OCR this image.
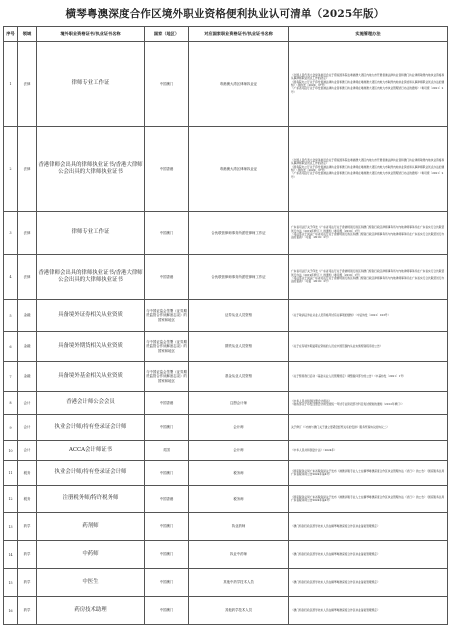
横琴粤澳深度合作区境外职业资格便利执业认可清单（2025年版）
序号	领域	境外职业资格证书/执业证书名称	国家（地区）	对应国家职业资格证书/执业证书名称	实施管理办法
1	法律	律师专业工作证	中国澳门	粤港澳大湾区律师执业证	《全国人民代表大会常务委员会关于授权国务院在粤港澳大湾区内地九市开展香港法律执业者和澳门执业律师取得内地执业资格和从事律师职业试点工作的决定》
《国务院办公厅关于印发香港法律执业者和澳门执业律师在粤港澳大湾区内地九市取得内地执业资质和从事律师职业试点办法的通知》（国办发〔2020〕37号）
《广东省司法厅关于印发香港法律执业者和澳门执业律师在粤港澳大湾区内地九市执业管理试行办法的通知》（粤司规〔2021〕2号）
2	法律	香港律师会出具的律师执业证书/香港大律师公会出具的大律师执业证书	中国香港	粤港澳大湾区律师执业证	《全国人民代表大会常务委员会关于授权国务院在粤港澳大湾区内地九市开展香港法律执业者和澳门执业律师取得内地执业资格和从事律师职业试点工作的决定》
《国务院办公厅关于印发香港法律执业者和澳门执业律师在粤港澳大湾区内地九市取得内地执业资质和从事律师职业试点办法的通知》（国办发〔2020〕37号）
《广东省司法厅关于印发香港法律执业者和澳门执业律师在粤港澳大湾区内地九市执业管理试行办法的通知》（粤司规〔2021〕2号）
3	法律	律师专业工作证	中国澳门	合伙联营律师事务所派驻律师工作证	广东省司法厅关于印发《广东省司法厅关于香港特别行政区和澳门特别行政区律师事务所与内地律师事务所在广东省实行合伙联营试行办法（2019年修订）》的通知（粤司规〔2019〕1号）
《司法部关于同意广东省司法厅关于香港特别行政区和澳门特别行政区律师事务所与内地律师事务所在广东省实行合伙联营试行办法的复函》（司复〔2019〕2号）
4	法律	香港律师会出具的律师执业证书/香港大律师公会出具的大律师执业证书	中国香港	合伙联营律师事务所派驻律师工作证	广东省司法厅关于印发《广东省司法厅关于香港特别行政区和澳门特别行政区律师事务所与内地律师事务所在广东省实行合伙联营试行办法（2019年修订）》的通知（粤司规〔2019〕1号）
《司法部关于同意广东省司法厅关于香港特别行政区和澳门特别行政区律师事务所与内地律师事务所在广东省实行合伙联营试行办法的复函》（司复〔2019〕2号）
5	金融	具备境外证券相关从业资质	与中国证监会签署《证券期货监管合作谅解备忘录》的国家和地区	证券从业人员资格	《关于取消证券业从业人员资格考试有关事项的通知》（中证协发〔2021〕103号）
6	金融	具备境外期货相关从业资质	与中国证监会签署《证券期货监管合作谅解备忘录》的国家和地区	期货从业人员资格	《关于在有境外期货职业资格的人员在中国范围内从业实施特别程序的公告》
7	金融	具备境外基金相关从业资质	与中国证监会签署《证券期货监管合作谅解备忘录》的国家和地区	基金从业人员资格	《关于暂停我行启动《基金从业人员管理规定》调整疑问部分的公告》（中基协发〔2021〕1号）
8	会计	香港会计师公会会员	中国香港	注册会计师	《中华人民共和国注册会计师法》
《财政部关于印发注册会计师全国统一考试专业阶段部分科目免试规则的通知（2012年修订）》
9	会计	执业会计师/持有登录证会计师	中国澳门	会计师	关于修订《《内地与澳门关于建立更紧密经贸关系的安排》服务贸易协议的协议二》
10	会计	ACCA会计师证书	英国	会计师	《中华人民共和国会计法》（2024年）
11	税务	执业会计师/持有登录证会计师	中国澳门	税务师	《国家税务总局广东省税务局关于发布《港澳涉税专业人士在横琴粤澳深度合作区执业管理办法（试行）》的公告》（国家税务总局广东省税务局公告2024年第4号）
12	税务	注册税务师/特许税务师	中国香港	税务师	《国家税务总局广东省税务局关于发布《港澳涉税专业人士在横琴粤澳深度合作区执业管理办法（试行）》的公告》（国家税务总局广东省税务局公告2024年第4号）
13	药学	药剂师	中国澳门	执业药师	《澳门特别行政区药学技术人员在横琴粤澳深度合作区执业备案管理规定》
14	药学	中药师	中国澳门	执业中药师	《澳门特别行政区药学技术人员在横琴粤澳深度合作区执业备案管理规定》
15	药学	中医生	中国澳门	其他中药学技术人员	《澳门特别行政区药学技术人员在横琴粤澳深度合作区执业备案管理规定》
16	药学	药房技术助理	中国澳门	其他药学技术人员	《澳门特别行政区药学技术人员在横琴粤澳深度合作区执业备案管理规定》
